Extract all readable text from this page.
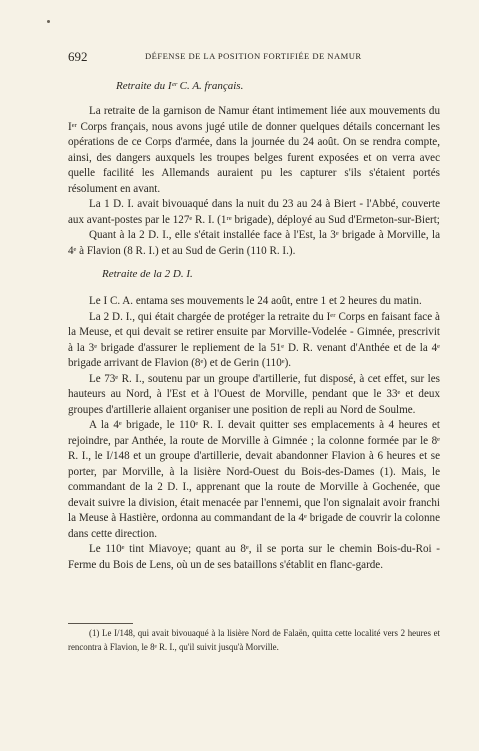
692	DÉFENSE DE LA POSITION FORTIFIÉE DE NAMUR
Retraite du Iᵉʳ C. A. français.

La retraite de la garnison de Namur étant intimement liée aux mouvements du Iᵉʳ Corps français, nous avons jugé utile de donner quelques détails concernant les opérations de ce Corps d'armée, dans la journée du 24 août. On se rendra compte, ainsi, des dangers auxquels les troupes belges furent exposées et on verra avec quelle facilité les Allemands auraient pu les capturer s'ils s'étaient portés résolument en avant.

La 1 D. I. avait bivouaqué dans la nuit du 23 au 24 à Biert - l'Abbé, couverte aux avant-postes par le 127ᵉ R. I. (1ʳᵉ brigade), déployé au Sud d'Ermeton-sur-Biert;

Quant à la 2 D. I., elle s'était installée face à l'Est, la 3ᵉ brigade à Morville, la 4ᵉ à Flavion (8 R. I.) et au Sud de Gerin (110 R. I.).

Retraite de la 2 D. I.

Le I C. A. entama ses mouvements le 24 août, entre 1 et 2 heures du matin.

La 2 D. I., qui était chargée de protéger la retraite du Iᵉʳ Corps en faisant face à la Meuse, et qui devait se retirer ensuite par Morville-Vodelée - Gimnée, prescrivit à la 3ᵉ brigade d'assurer le repliement de la 51ᵉ D. R. venant d'Anthée et de la 4ᵉ brigade arrivant de Flavion (8ᵉ) et de Gerin (110ᵉ).

Le 73ᵉ R. I., soutenu par un groupe d'artillerie, fut disposé, à cet effet, sur les hauteurs au Nord, à l'Est et à l'Ouest de Morville, pendant que le 33ᵉ et deux groupes d'artillerie allaient organiser une position de repli au Nord de Soulme.

A la 4ᵉ brigade, le 110ᵉ R. I. devait quitter ses emplacements à 4 heures et rejoindre, par Anthée, la route de Morville à Gimnée ; la colonne formée par le 8ᵉ R. I., le I/148 et un groupe d'artillerie, devait abandonner Flavion à 6 heures et se porter, par Morville, à la lisière Nord-Ouest du Bois-des-Dames (1). Mais, le commandant de la 2 D. I., apprenant que la route de Morville à Gochenée, que devait suivre la division, était menacée par l'ennemi, que l'on signalait avoir franchi la Meuse à Hastière, ordonna au commandant de la 4ᵉ brigade de couvrir la colonne dans cette direction.

Le 110ᵉ tint Miavoye; quant au 8ᵉ, il se porta sur le chemin Bois-du-Roi - Ferme du Bois de Lens, où un de ses bataillons s'établit en flanc-garde.

(1) Le I/148, qui avait bivouaqué à la lisière Nord de Falaën, quitta cette localité vers 2 heures et rencontra à Flavion, le 8ᵉ R. I., qu'il suivit jusqu'à Morville.
